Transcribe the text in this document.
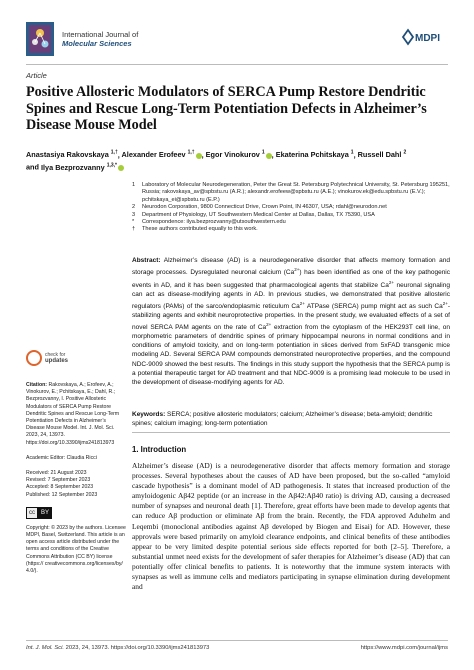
International Journal of
Molecular Sciences	MDPI
Article
Positive Allosteric Modulators of SERCA Pump Restore Dendritic Spines and Rescue Long-Term Potentiation Defects in Alzheimer’s Disease Mouse Model
Anastasiya Rakovskaya $^{1,\dagger}$, Alexander Erofeev $^{1,\dagger}$ , Egor Vinokurov $^1$ , Ekaterina Pchitskaya $^1$, Russell Dahl $^2$
and Ilya Bezprozvanny $^{1,3,*}$
1	Laboratory of Molecular Neurodegeneration, Peter the Great St. Petersburg Polytechnical University, St. Petersburg 195251, Russia; rakovskaya_av@spbstu.ru (A.R.); alexandr.erofeew@spbstu.ru (A.E.); vinokurov.ek@edu.spbstu.ru (E.V.); pchitskaya_ei@spbstu.ru (E.P.)
2	Neurodon Corporation, 9800 Connecticut Drive, Crown Point, IN 46307, USA; rdahl@neurodon.net
3	Department of Physiology, UT Southwestern Medical Center at Dallas, Dallas, TX 75390, USA
*	Correspondence: ilya.bezprozvanny@utsouthwestern.edu
†	These authors contributed equally to this work.
check for
updates
Citation: Rakovskaya, A.; Erofeev, A.; Vinokurov, E.; Pchitskaya, E.; Dahl, R.; Bezprozvanny, I. Positive Allosteric Modulators of SERCA Pump Restore Dendritic Spines and Rescue Long-Term Potentiation Defects in Alzheimer’s Disease Mouse Model. Int. J. Mol. Sci. 2023, 24, 13973. https://doi.org/10.3390/ijms241813973
Academic Editor: Claudia Ricci
Received: 21 August 2023
Revised: 7 September 2023
Accepted: 8 September 2023
Published: 12 September 2023
cc	BY
Copyright: © 2023 by the authors. Licensee MDPI, Basel, Switzerland. This article is an open access article distributed under the terms and conditions of the Creative Commons Attribution (CC BY) license (https:// creativecommons.org/licenses/by/ 4.0/).
Abstract: Alzheimer’s disease (AD) is a neurodegenerative disorder that affects memory formation and storage processes. Dysregulated neuronal calcium $(Ca^{2+})$ has been identified as one of the key pathogenic events in AD, and it has been suggested that pharmacological agents that stabilize $Ca^{2+}$ neuronal signaling can act as disease-modifying agents in AD. In previous studies, we demonstrated that positive allosteric regulators (PAMs) of the sarco/endoplasmic reticulum $Ca^{2+}$ ATPase (SERCA) pump might act as such $Ca^{2+}$-stabilizing agents and exhibit neuroprotective properties. In the present study, we evaluated effects of a set of novel SERCA PAM agents on the rate of $Ca^{2+}$ extraction from the cytoplasm of the HEK293T cell line, on morphometric parameters of dendritic spines of primary hippocampal neurons in normal conditions and in conditions of amyloid toxicity, and on long-term potentiation in slices derived from 5xFAD transgenic mice modeling AD. Several SERCA PAM compounds demonstrated neuroprotective properties, and the compound NDC-9009 showed the best results. The findings in this study support the hypothesis that the SERCA pump is a potential therapeutic target for AD treatment and that NDC-9009 is a promising lead molecule to be used in the development of disease-modifying agents for AD.
Keywords: SERCA; positive allosteric modulators; calcium; Alzheimer’s disease; beta-amyloid; dendritic spines; calcium imaging; long-term potentiation
1. Introduction
Alzheimer’s disease (AD) is a neurodegenerative disorder that affects memory formation and storage processes. Several hypotheses about the causes of AD have been proposed, but the so-called “amyloid cascade hypothesis” is a dominant model of AD pathogenesis. It states that increased production of the amyloidogenic Aβ42 peptide (or an increase in the Aβ42:Aβ40 ratio) is driving AD, causing a decreased number of synapses and neuronal death [1]. Therefore, great efforts have been made to develop agents that can reduce Aβ production or eliminate Aβ from the brain. Recently, the FDA approved Aduhelm and Leqembi (monoclonal antibodies against Aβ developed by Biogen and Eisai) for AD. However, these approvals were based primarily on amyloid clearance endpoints, and clinical benefits of these antibodies appear to be very limited despite potential serious side effects reported for both [2–5]. Therefore, a substantial unmet need exists for the development of safer therapies for Alzheimer’s disease (AD) that can potentially offer clinical benefits to patients. It is noteworthy that the immune system interacts with synapses as well as immune cells and mediators participating in synapse elimination during development and
Int. J. Mol. Sci. 2023, 24, 13973. https://doi.org/10.3390/ijms241813973	https://www.mdpi.com/journal/ijms
